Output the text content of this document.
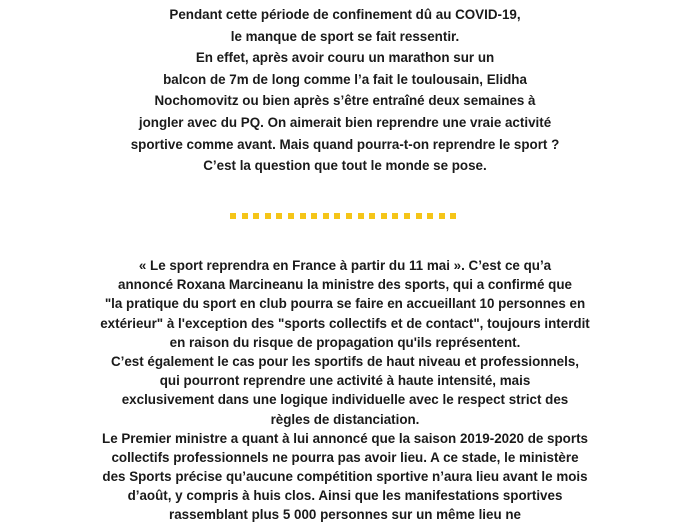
Pendant cette période de confinement dû au COVID-19,
le manque de sport se fait ressentir.
En effet, après avoir couru un marathon sur un
balcon de 7m de long comme l’a fait le toulousain, Elidha
Nochomovitz ou bien après s’être entraîné deux semaines à
jongler avec du PQ. On aimerait bien reprendre une vraie activité
sportive comme avant. Mais quand pourra-t-on reprendre le sport ?
C’est la question que tout le monde se pose.
« Le sport reprendra en France à partir du 11 mai ». C’est ce qu’a
annoncé Roxana Marcineanu la ministre des sports, qui a confirmé que
"la pratique du sport en club pourra se faire en accueillant 10 personnes en
extérieur" à l'exception des "sports collectifs et de contact", toujours interdit
en raison du risque de propagation qu'ils représentent.
C’est également le cas pour les sportifs de haut niveau et professionnels,
qui pourront reprendre une activité à haute intensité, mais
exclusivement dans une logique individuelle avec le respect strict des
règles de distanciation.
Le Premier ministre a quant à lui annoncé que la saison 2019-2020 de sports
collectifs professionnels ne pourra pas avoir lieu. A ce stade, le ministère
des Sports précise qu’aucune compétition sportive n’aura lieu avant le mois
d’août, y compris à huis clos. Ainsi que les manifestations sportives
rassemblant plus 5 000 personnes sur un même lieu ne
